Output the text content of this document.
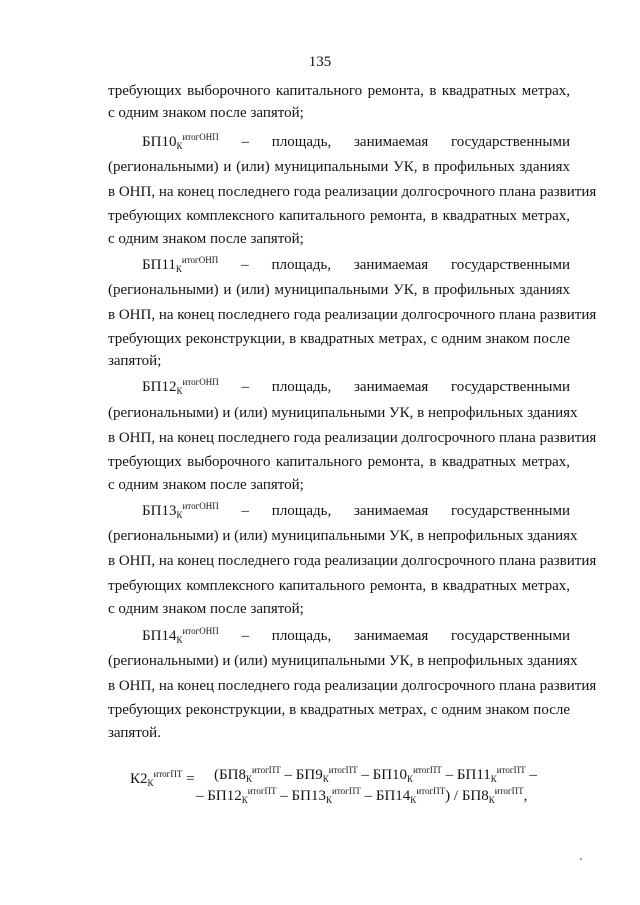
135
требующих выборочного капитального ремонта, в квадратных метрах,
с одним знаком после запятой;
$БП10_К^{итогОНП}$ – площадь, занимаемая государственными
(региональными) и (или) муниципальными УК, в профильных зданиях
в ОНП, на конец последнего года реализации долгосрочного плана развития
требующих комплексного капитального ремонта, в квадратных метрах,
с одним знаком после запятой;
$БП11_К^{итогОНП}$ – площадь, занимаемая государственными
(региональными) и (или) муниципальными УК, в профильных зданиях
в ОНП, на конец последнего года реализации долгосрочного плана развития
требующих реконструкции, в квадратных метрах, с одним знаком после
запятой;
$БП12_К^{итогОНП}$ – площадь, занимаемая государственными
(региональными) и (или) муниципальными УК, в непрофильных зданиях
в ОНП, на конец последнего года реализации долгосрочного плана развития
требующих выборочного капитального ремонта, в квадратных метрах,
с одним знаком после запятой;
$БП13_К^{итогОНП}$ – площадь, занимаемая государственными
(региональными) и (или) муниципальными УК, в непрофильных зданиях
в ОНП, на конец последнего года реализации долгосрочного плана развития
требующих комплексного капитального ремонта, в квадратных метрах,
с одним знаком после запятой;
$БП14_К^{итогОНП}$ – площадь, занимаемая государственными
(региональными) и (или) муниципальными УК, в непрофильных зданиях
в ОНП, на конец последнего года реализации долгосрочного плана развития
требующих реконструкции, в квадратных метрах, с одним знаком после
запятой.
$К2_К^{итогПТ} = (БП8_К^{итогПТ} - БП9_К^{итогПТ} - БП10_К^{итогПТ} - БП11_К^{итогПТ}$ –
– $БП12_К^{итогПТ} - БП13_К^{итогПТ} - БП14_К^{итогПТ}) / БП8_К^{итогПТ}$,
